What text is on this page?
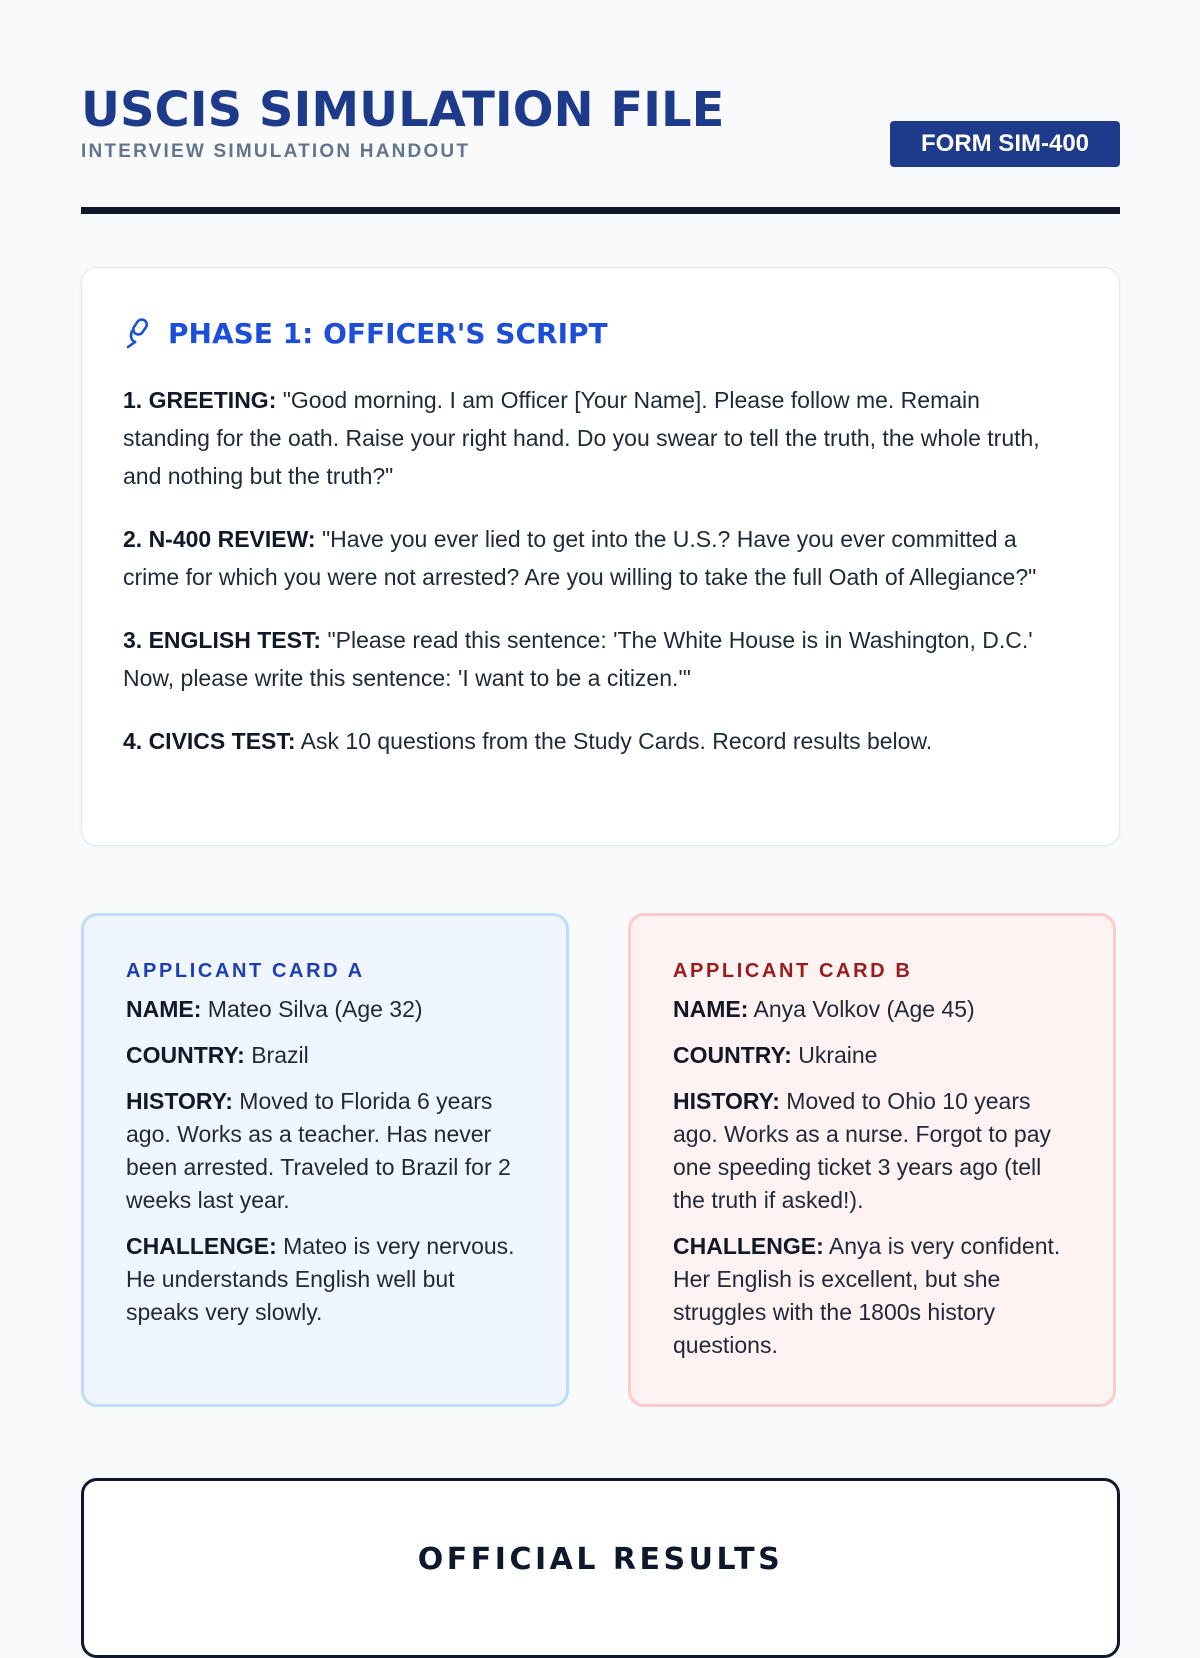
USCIS SIMULATION FILE
INTERVIEW SIMULATION HANDOUT	FORM SIM-400
PHASE 1: OFFICER'S SCRIPT

1. GREETING: "Good morning. I am Officer [Your Name]. Please follow me. Remain standing for the oath. Raise your right hand. Do you swear to tell the truth, the whole truth, and nothing but the truth?"

2. N-400 REVIEW: "Have you ever lied to get into the U.S.? Have you ever committed a crime for which you were not arrested? Are you willing to take the full Oath of Allegiance?"

3. ENGLISH TEST: "Please read this sentence: 'The White House is in Washington, D.C.' Now, please write this sentence: 'I want to be a citizen.'"

4. CIVICS TEST: Ask 10 questions from the Study Cards. Record results below.

APPLICANT CARD A

NAME: Mateo Silva (Age 32)

COUNTRY: Brazil

HISTORY: Moved to Florida 6 years ago. Works as a teacher. Has never been arrested. Traveled to Brazil for 2 weeks last year.

CHALLENGE: Mateo is very nervous. He understands English well but speaks very slowly.

APPLICANT CARD B

NAME: Anya Volkov (Age 45)

COUNTRY: Ukraine

HISTORY: Moved to Ohio 10 years ago. Works as a nurse. Forgot to pay one speeding ticket 3 years ago (tell the truth if asked!).

CHALLENGE: Anya is very confident. Her English is excellent, but she struggles with the 1800s history questions.

OFFICIAL RESULTS
